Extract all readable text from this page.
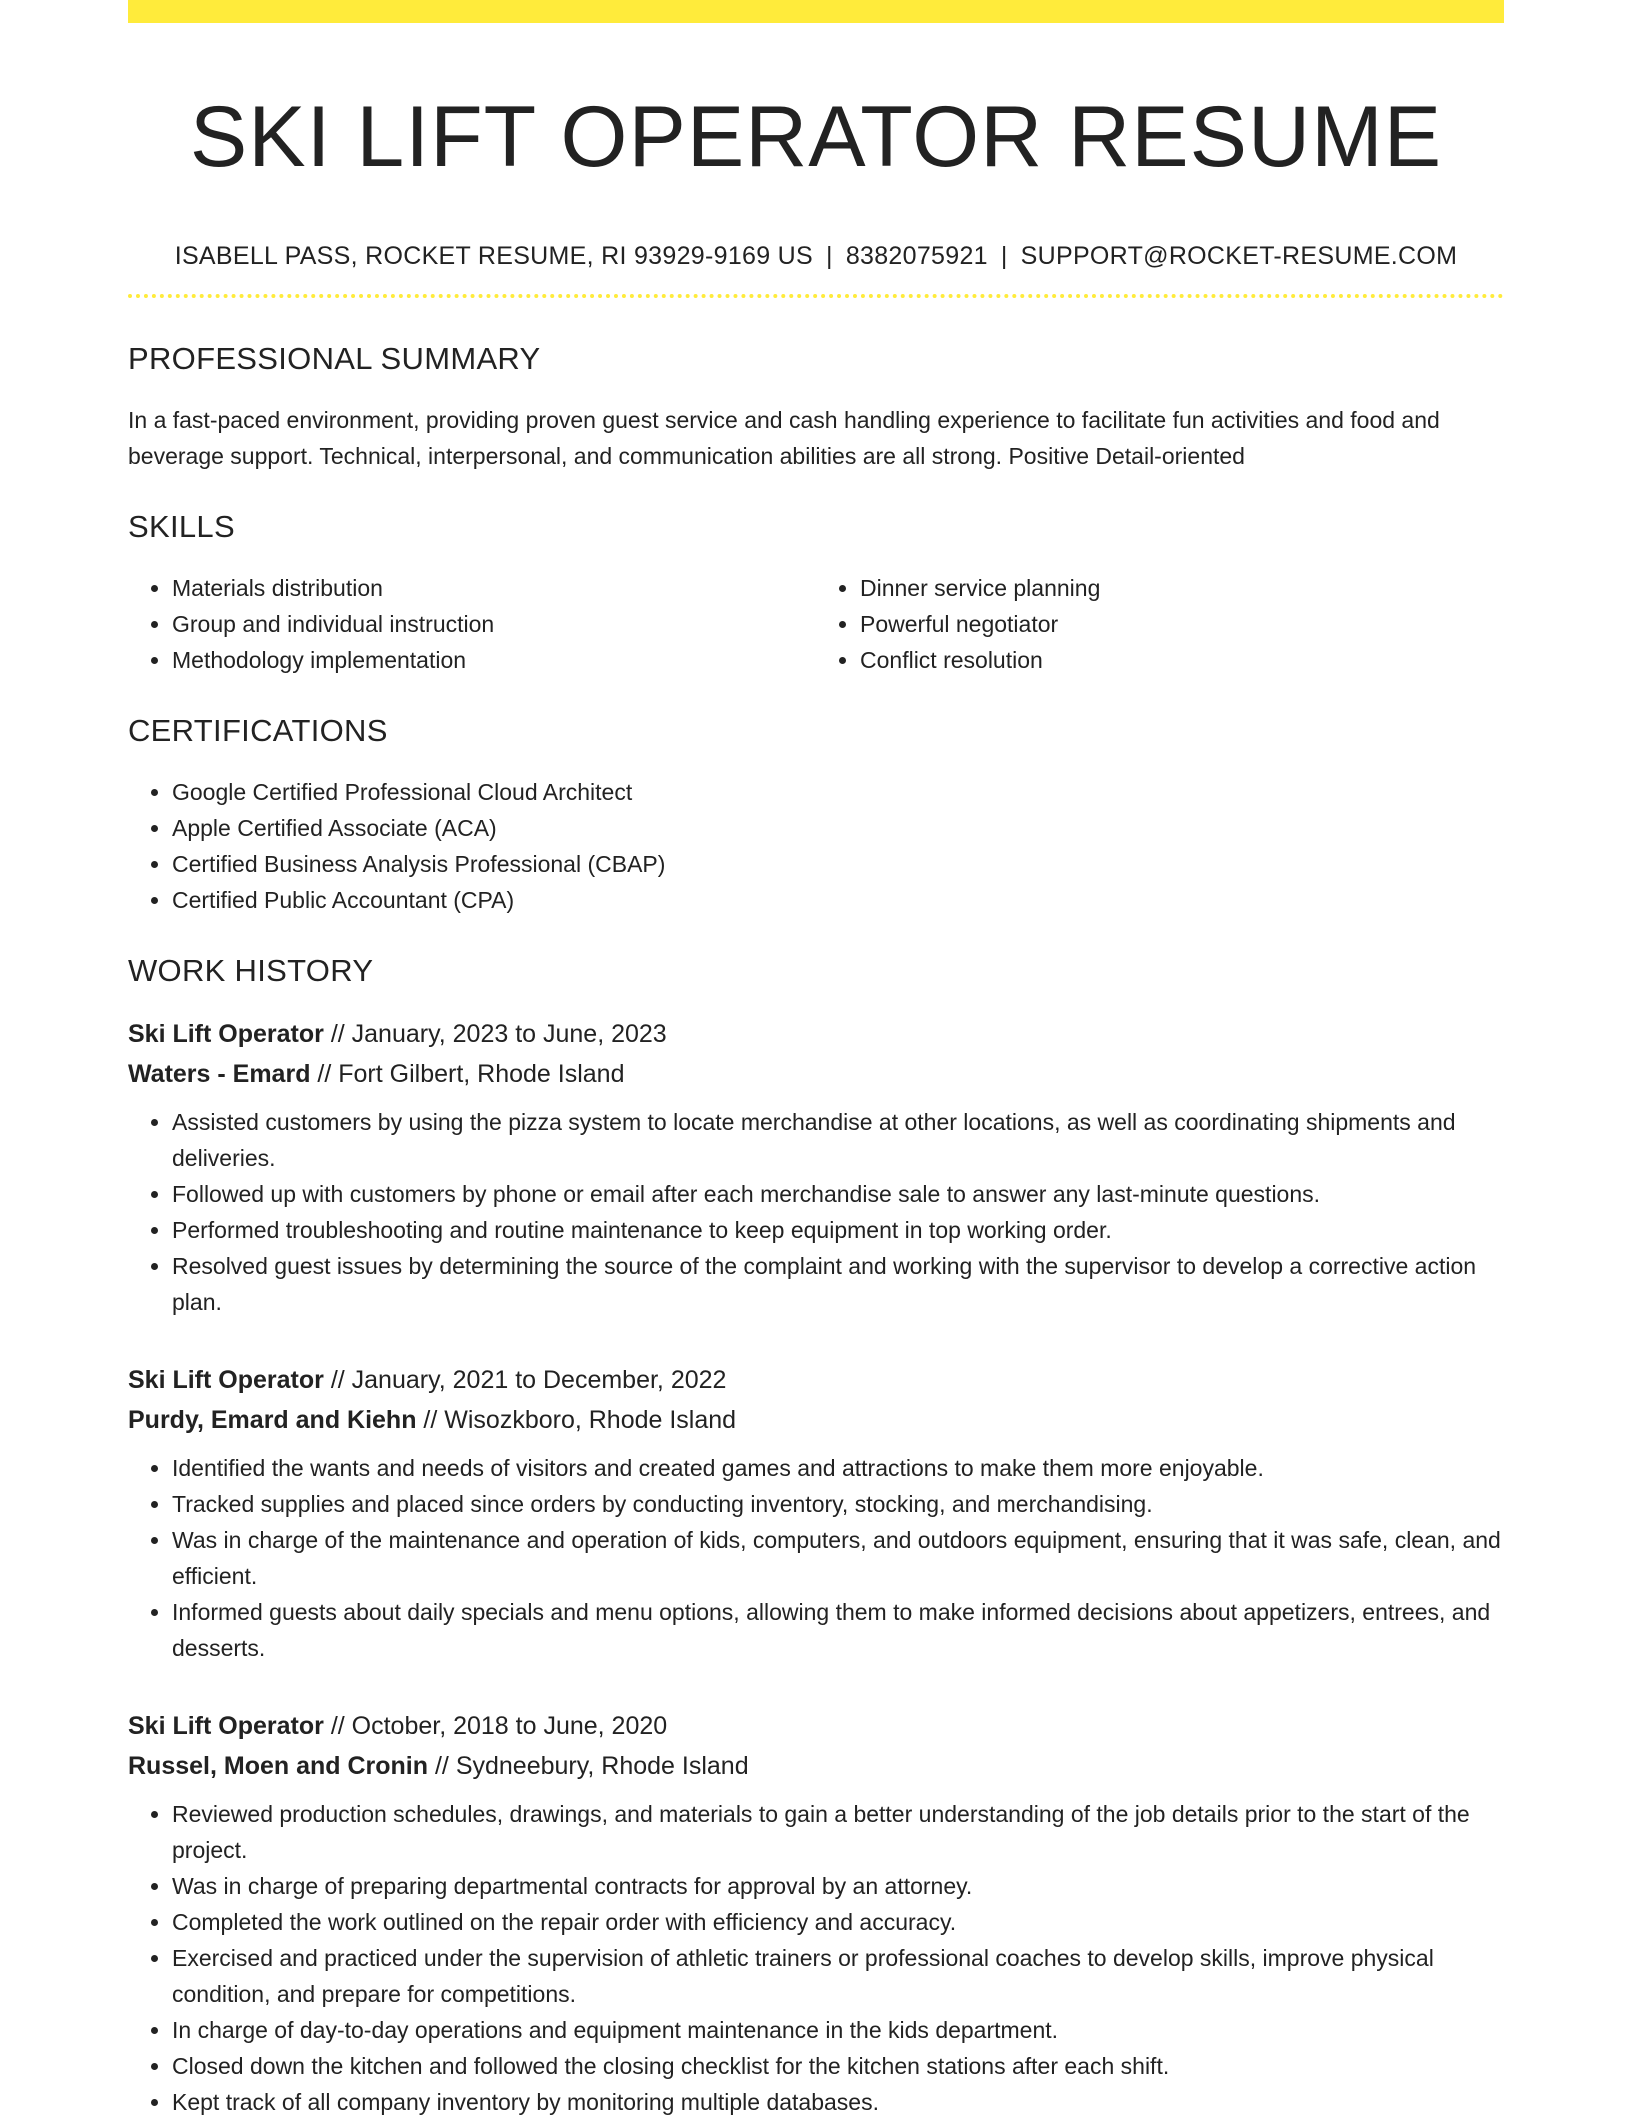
SKI LIFT OPERATOR RESUME
ISABELL PASS, ROCKET RESUME, RI 93929-9169 US | 8382075921 | SUPPORT@ROCKET-RESUME.COM
PROFESSIONAL SUMMARY

In a fast-paced environment, providing proven guest service and cash handling experience to facilitate fun activities and food and beverage support. Technical, interpersonal, and communication abilities are all strong. Positive Detail-oriented

SKILLS
• Materials distribution
• Group and individual instruction
• Methodology implementation
• Dinner service planning
• Powerful negotiator
• Conflict resolution
CERTIFICATIONS
• Google Certified Professional Cloud Architect
• Apple Certified Associate (ACA)
• Certified Business Analysis Professional (CBAP)
• Certified Public Accountant (CPA)
WORK HISTORY
Ski Lift Operator // January, 2023 to June, 2023
Waters - Emard // Fort Gilbert, Rhode Island
• Assisted customers by using the pizza system to locate merchandise at other locations, as well as coordinating shipments and deliveries.
• Followed up with customers by phone or email after each merchandise sale to answer any last-minute questions.
• Performed troubleshooting and routine maintenance to keep equipment in top working order.
• Resolved guest issues by determining the source of the complaint and working with the supervisor to develop a corrective action plan.
Ski Lift Operator // January, 2021 to December, 2022
Purdy, Emard and Kiehn // Wisozkboro, Rhode Island
• Identified the wants and needs of visitors and created games and attractions to make them more enjoyable.
• Tracked supplies and placed since orders by conducting inventory, stocking, and merchandising.
• Was in charge of the maintenance and operation of kids, computers, and outdoors equipment, ensuring that it was safe, clean, and efficient.
• Informed guests about daily specials and menu options, allowing them to make informed decisions about appetizers, entrees, and desserts.
Ski Lift Operator // October, 2018 to June, 2020
Russel, Moen and Cronin // Sydneebury, Rhode Island
• Reviewed production schedules, drawings, and materials to gain a better understanding of the job details prior to the start of the project.
• Was in charge of preparing departmental contracts for approval by an attorney.
• Completed the work outlined on the repair order with efficiency and accuracy.
• Exercised and practiced under the supervision of athletic trainers or professional coaches to develop skills, improve physical condition, and prepare for competitions.
• In charge of day-to-day operations and equipment maintenance in the kids department.
• Closed down the kitchen and followed the closing checklist for the kitchen stations after each shift.
• Kept track of all company inventory by monitoring multiple databases.
